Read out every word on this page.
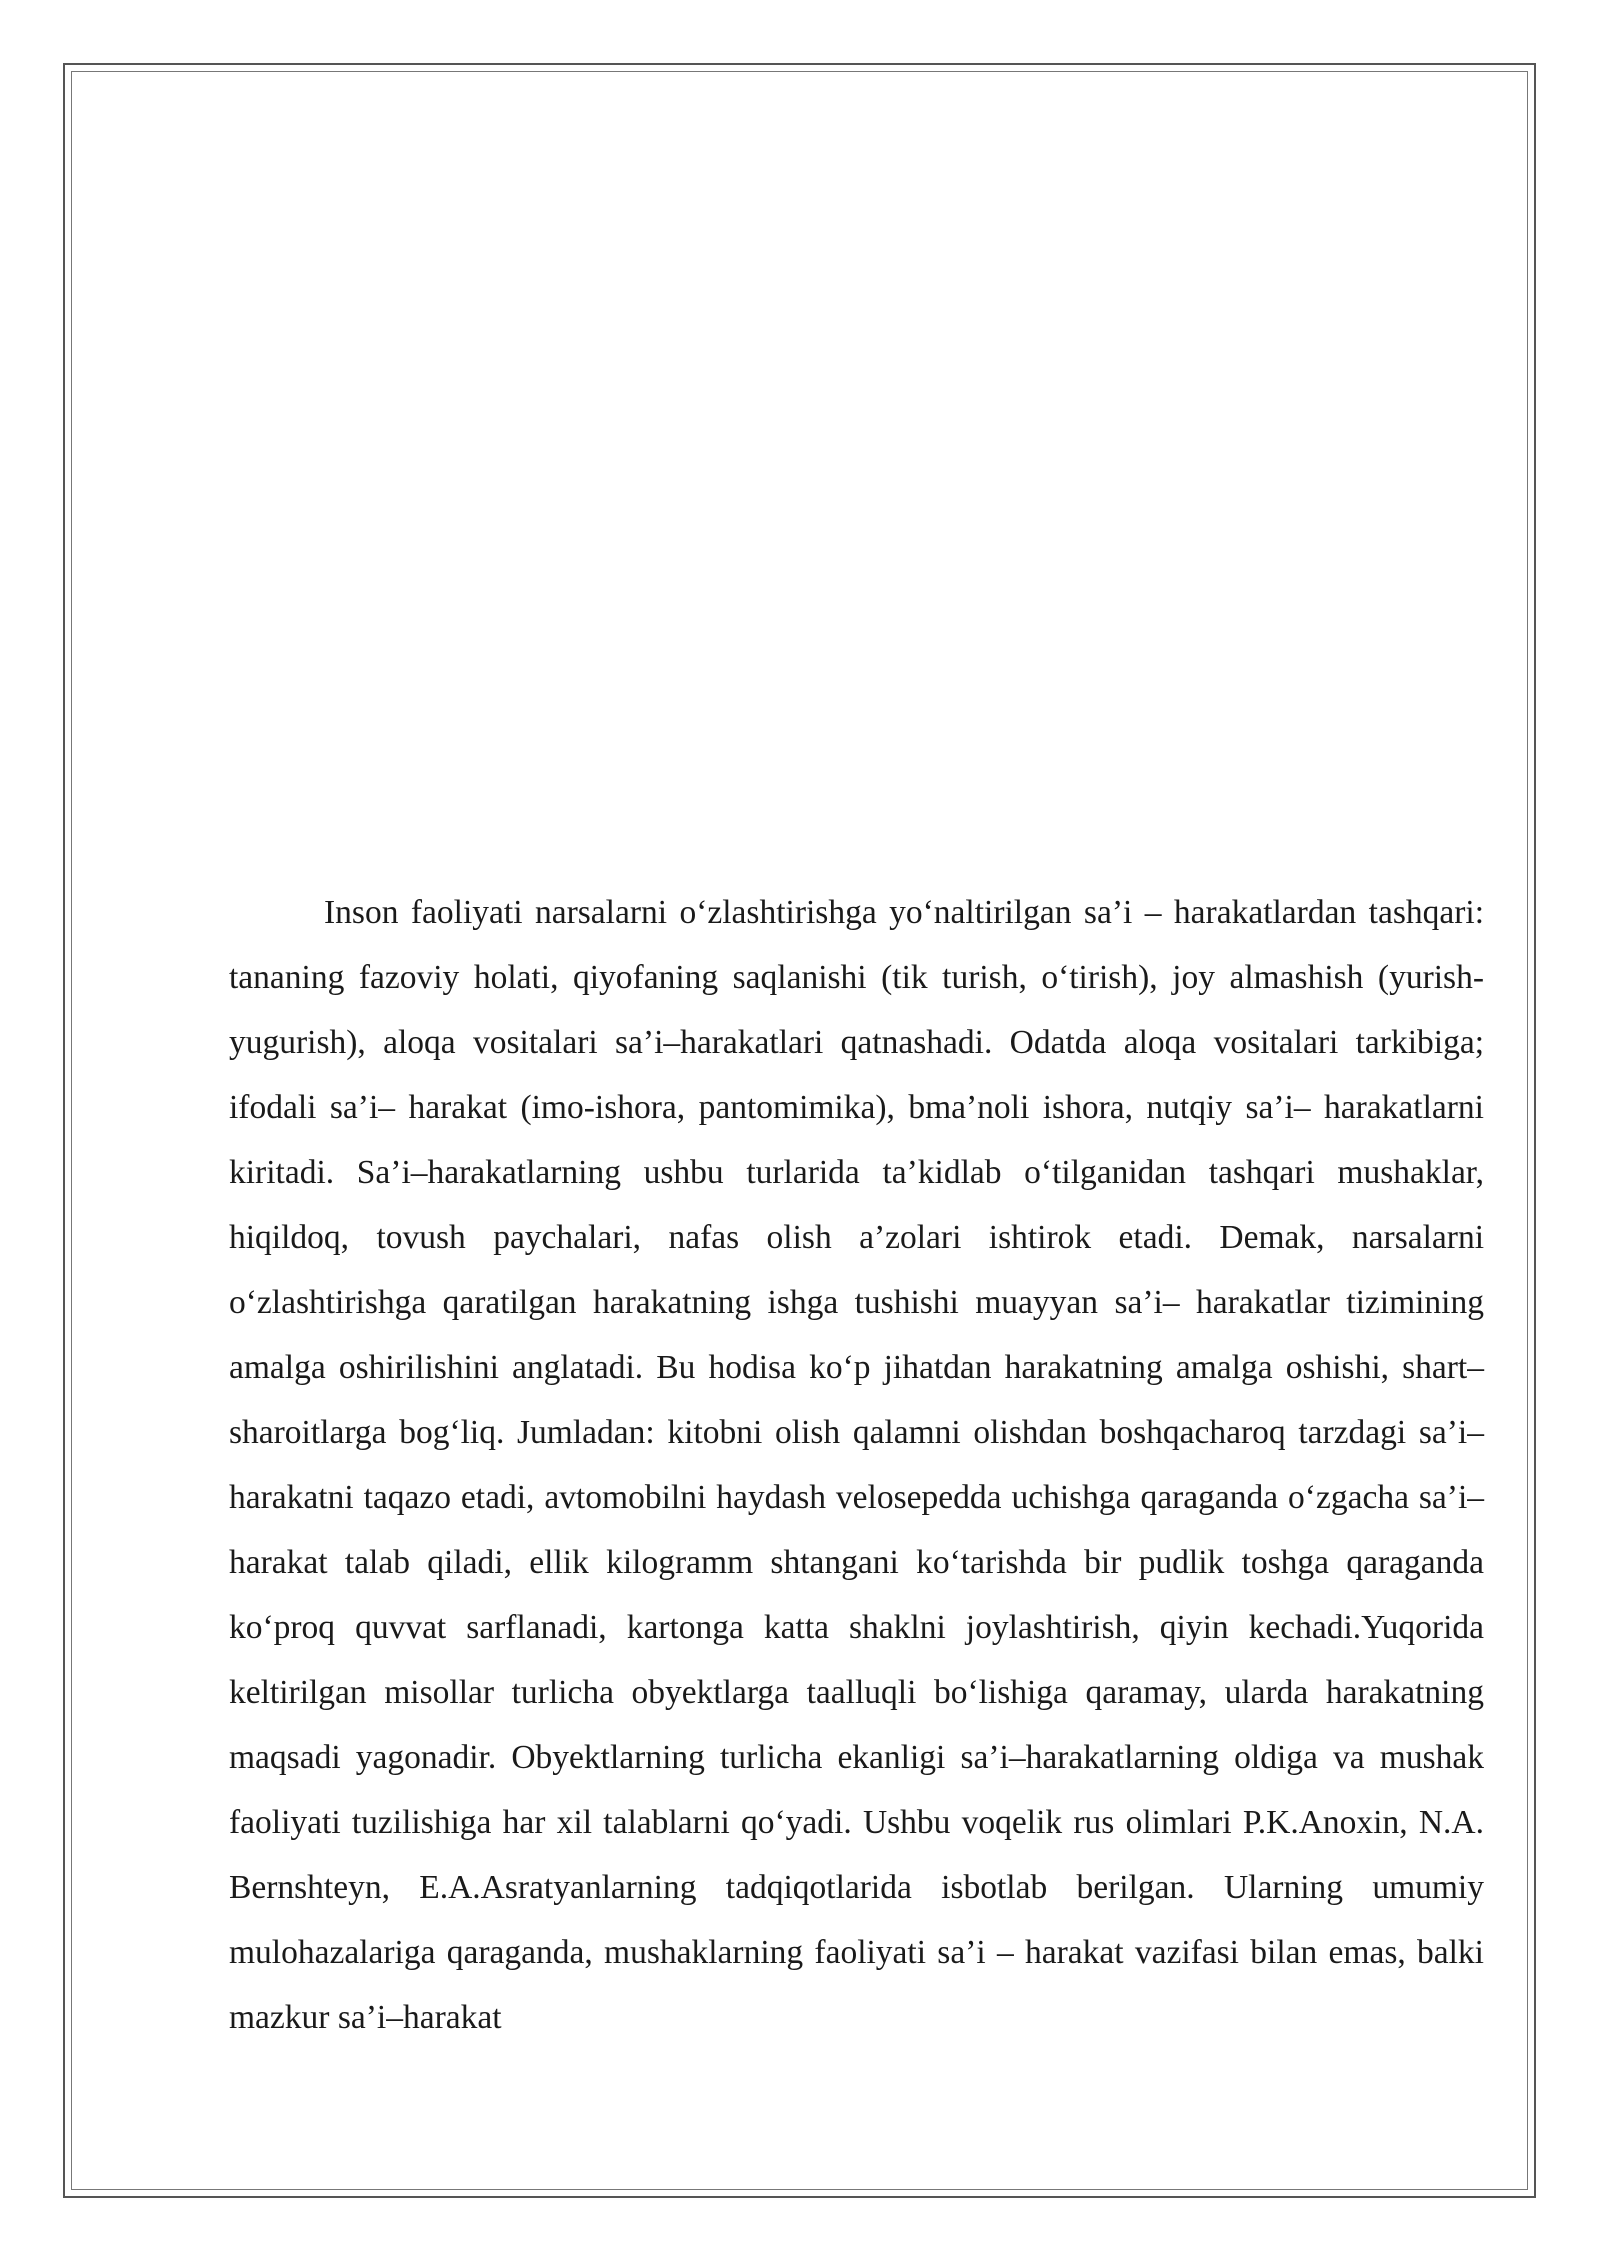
Inson faoliyati narsalarni o‘zlashtirishga yo‘naltirilgan sa’i – harakatlardan tashqari: tananing fazoviy holati, qiyofaning saqlanishi (tik turish, o‘tirish), joy almashish (yurish-yugurish), aloqa vositalari sa’i–harakatlari qatnashadi. Odatda aloqa vositalari tarkibiga; ifodali sa’i– harakat (imo-ishora, pantomimika), bma’noli ishora, nutqiy sa’i– harakatlarni kiritadi. Sa’i–harakatlarning ushbu turlarida ta’kidlab o‘tilganidan tashqari mushaklar, hiqildoq, tovush paychalari, nafas olish a’zolari ishtirok etadi. Demak, narsalarni o‘zlashtirishga qaratilgan harakatning ishga tushishi muayyan sa’i– harakatlar tizimining amalga oshirilishini anglatadi. Bu hodisa ko‘p jihatdan harakatning amalga oshishi, shart–sharoitlarga bog‘liq. Jumladan: kitobni olish qalamni olishdan boshqacharoq tarzdagi sa’i–harakatni taqazo etadi, avtomobilni haydash velosepedda uchishga qaraganda o‘zgacha sa’i–harakat talab qiladi, ellik kilogramm shtangani ko‘tarishda bir pudlik toshga qaraganda ko‘proq quvvat sarflanadi, kartonga katta shaklni joylashtirish, qiyin kechadi.Yuqorida keltirilgan misollar turlicha obyektlarga taalluqli bo‘lishiga qaramay, ularda harakatning maqsadi yagonadir. Obyektlarning turlicha ekanligi sa’i–harakatlarning oldiga va mushak faoliyati tuzilishiga har xil talablarni qo‘yadi. Ushbu voqelik rus olimlari P.K.Anoxin, N.A. Bernshteyn, E.A.Asratyanlarning tadqiqotlarida isbotlab berilgan. Ularning umumiy mulohazalariga qaraganda, mushaklarning faoliyati sa’i – harakat vazifasi bilan emas, balki mazkur sa’i–harakat
